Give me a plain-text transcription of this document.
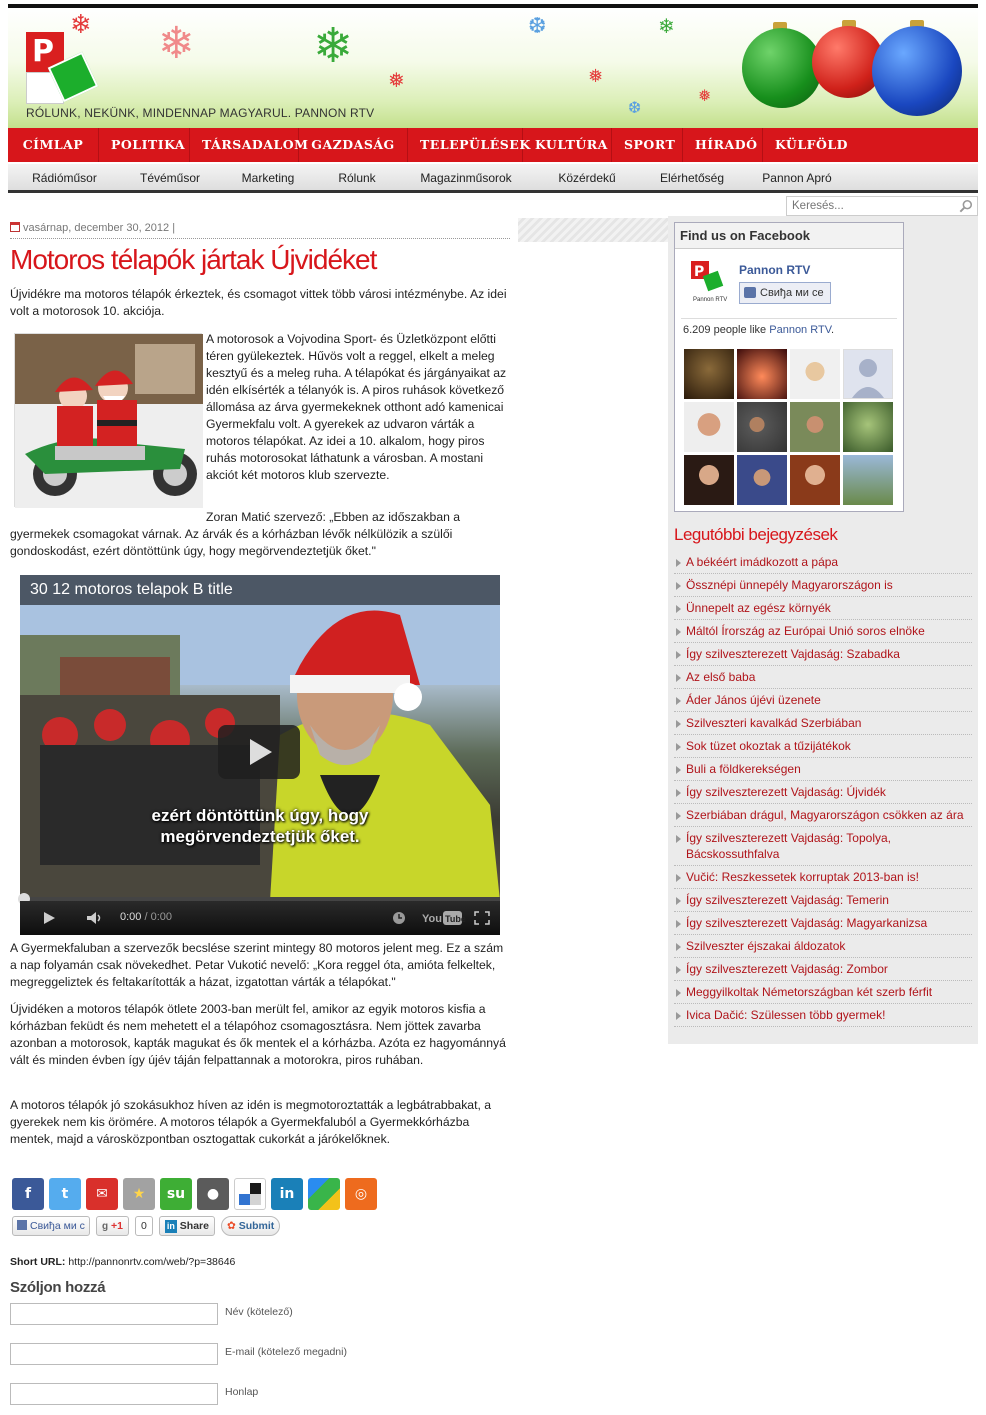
❄ ❄ ❄
❅
❆
❅
❄
❆
❅
P
RÓLUNK, NEKÜNK, MINDENNAP MAGYARUL. PANNON RTV
CÍMLAP	POLITIKA	TÁRSADALOM GAZDASÁG	TELEPÜLÉSEK KULTÚRA	SPORT	HÍRADÓ	KÜLFÖLD
Rádióműsor	Tévéműsor	Marketing	Rólunk	Magazinműsorok	Közérdekű	Elérhetőség	Pannon Apró
Keresés...
vasárnap, december 30, 2012 |
Motoros télapók jártak Újvidéket
Újvidékre ma motoros télapók érkeztek, és csomagot vittek több városi intézménybe. Az idei volt a motorosok 10. akciója.
A motorosok a Vojvodina Sport- és Üzletközpont előtti téren gyülekeztek. Hűvös volt a reggel, elkelt a meleg kesztyű és a meleg ruha. A télapókat és járgányaikat az idén elkísérték a télanyók is. A piros ruhások következő állomása az árva gyermekeknek otthont adó kamenicai Gyermekfalu volt. A gyerekek az udvaron várták a motoros télapókat. Az idei a 10. alkalom, hogy piros ruhás motorosokat láthatunk a városban. A mostani akciót két motoros klub szervezte.
Zoran Matić szervező: „Ebben az időszakban a gyermekek csomagokat várnak. Az árvák és a kórházban lévők nélkülözik a szülői gondoskodást, ezért döntöttünk úgy, hogy megörvendeztetjük őket."
30 12 motoros telapok B title
ezért döntöttünk úgy, hogy
megörvendeztetjük őket.
0:00 / 0:00	You Tube
A Gyermekfaluban a szervezők becslése szerint mintegy 80 motoros jelent meg. Ez a szám a nap folyamán csak növekedhet. Petar Vukotić nevelő: „Kora reggel óta, amióta felkeltek, megreggeliztek és feltakarították a házat, izgatottan várták a télapókat."
Újvidéken a motoros télapók ötlete 2003-ban merült fel, amikor az egyik motoros kisfia a kórházban feküdt és nem mehetett el a télapóhoz csomagosztásra. Nem jöttek zavarba azonban a motorosok, kapták magukat és ők mentek el a kórházba. Azóta ez hagyománnyá vált és minden évben így újév táján felpattannak a motorokra, piros ruhában.
A motoros télapók jó szokásukhoz híven az idén is megmotoroztatták a legbátrabbakat, a gyerekek nem kis örömére. A motoros télapók a Gyermekfaluból a Gyermekkórházba mentek, majd a városközpontban osztogattak cukorkát a járókelőknek.
f	t	✉	★	su	●	in	◎
Свиђа ми с	g +1	0	in Share	✿ Submit
Short URL: http://pannonrtv.com/web/?p=38646
Szóljon hozzá
Név (kötelező)
E-mail (kötelező megadni)
Honlap
Find us on Facebook
P
Pannon RTV
Pannon RTV
Свиђа ми се
6.209 people like Pannon RTV.
Legutóbbi bejegyzések
A békéért imádkozott a pápa
Össznépi ünnepély Magyarországon is
Ünnepelt az egész környék
Máltól Írország az Európai Unió soros elnöke
Így szilveszterezett Vajdaság: Szabadka
Az első baba
Áder János újévi üzenete
Szilveszteri kavalkád Szerbiában
Sok tüzet okoztak a tűzijátékok
Buli a földkerekségen
Így szilveszterezett Vajdaság: Újvidék
Szerbiában drágul, Magyarországon csökken az ára
Így szilveszterezett Vajdaság: Topolya, Bácskossuthfalva
Vučić: Reszkessetek korruptak 2013-ban is!
Így szilveszterezett Vajdaság: Temerin
Így szilveszterezett Vajdaság: Magyarkanizsa
Szilveszter éjszakai áldozatok
Így szilveszterezett Vajdaság: Zombor
Meggyilkoltak Németországban két szerb férfit
Ivica Dačić: Szülessen több gyermek!
